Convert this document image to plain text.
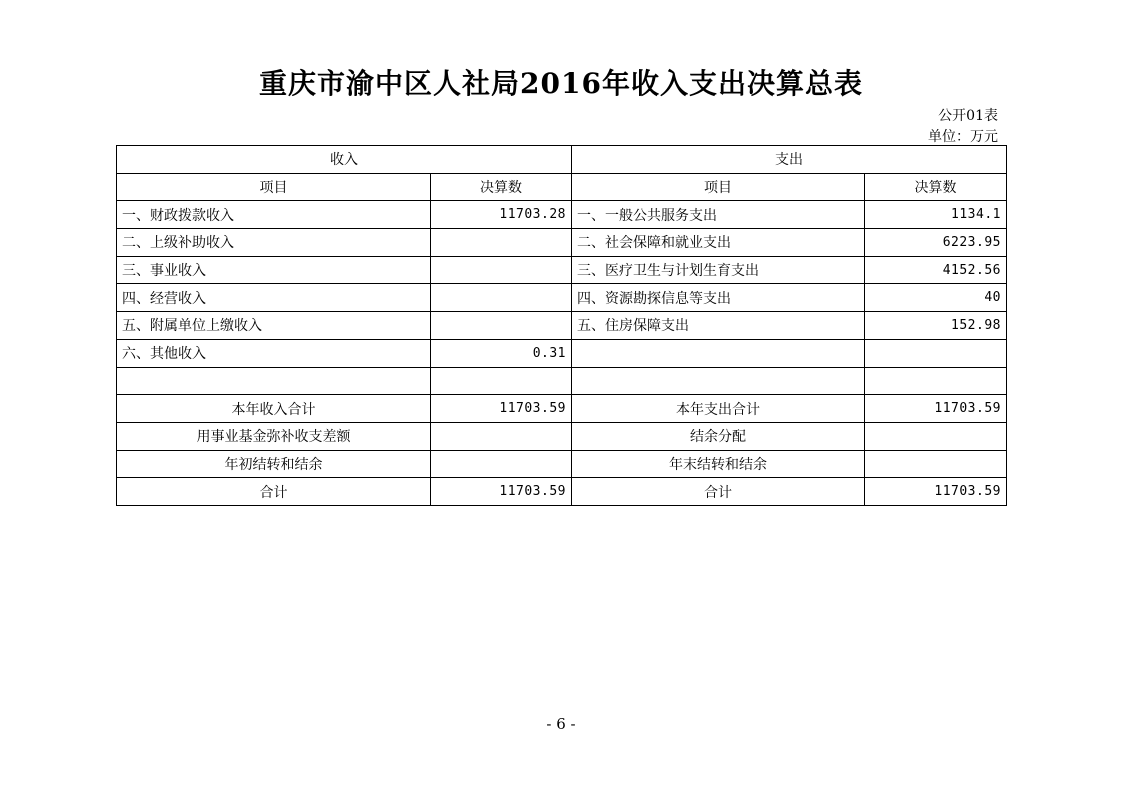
重庆市渝中区人社局2016年收入支出决算总表
公开01表
单位：万元
收入		支出	
项目	决算数	项目	决算数
一、财政拨款收入	11703.28	一、一般公共服务支出	1134.1
二、上级补助收入		二、社会保障和就业支出	6223.95
三、事业收入		三、医疗卫生与计划生育支出	4152.56
四、经营收入		四、资源勘探信息等支出	40
五、附属单位上缴收入		五、住房保障支出	152.98
六、其他收入	0.31		

本年收入合计	11703.59	本年支出合计	11703.59
用事业基金弥补收支差额		结余分配	
年初结转和结余		年末结转和结余	
合计	11703.59	合计	11703.59
- 6 -
